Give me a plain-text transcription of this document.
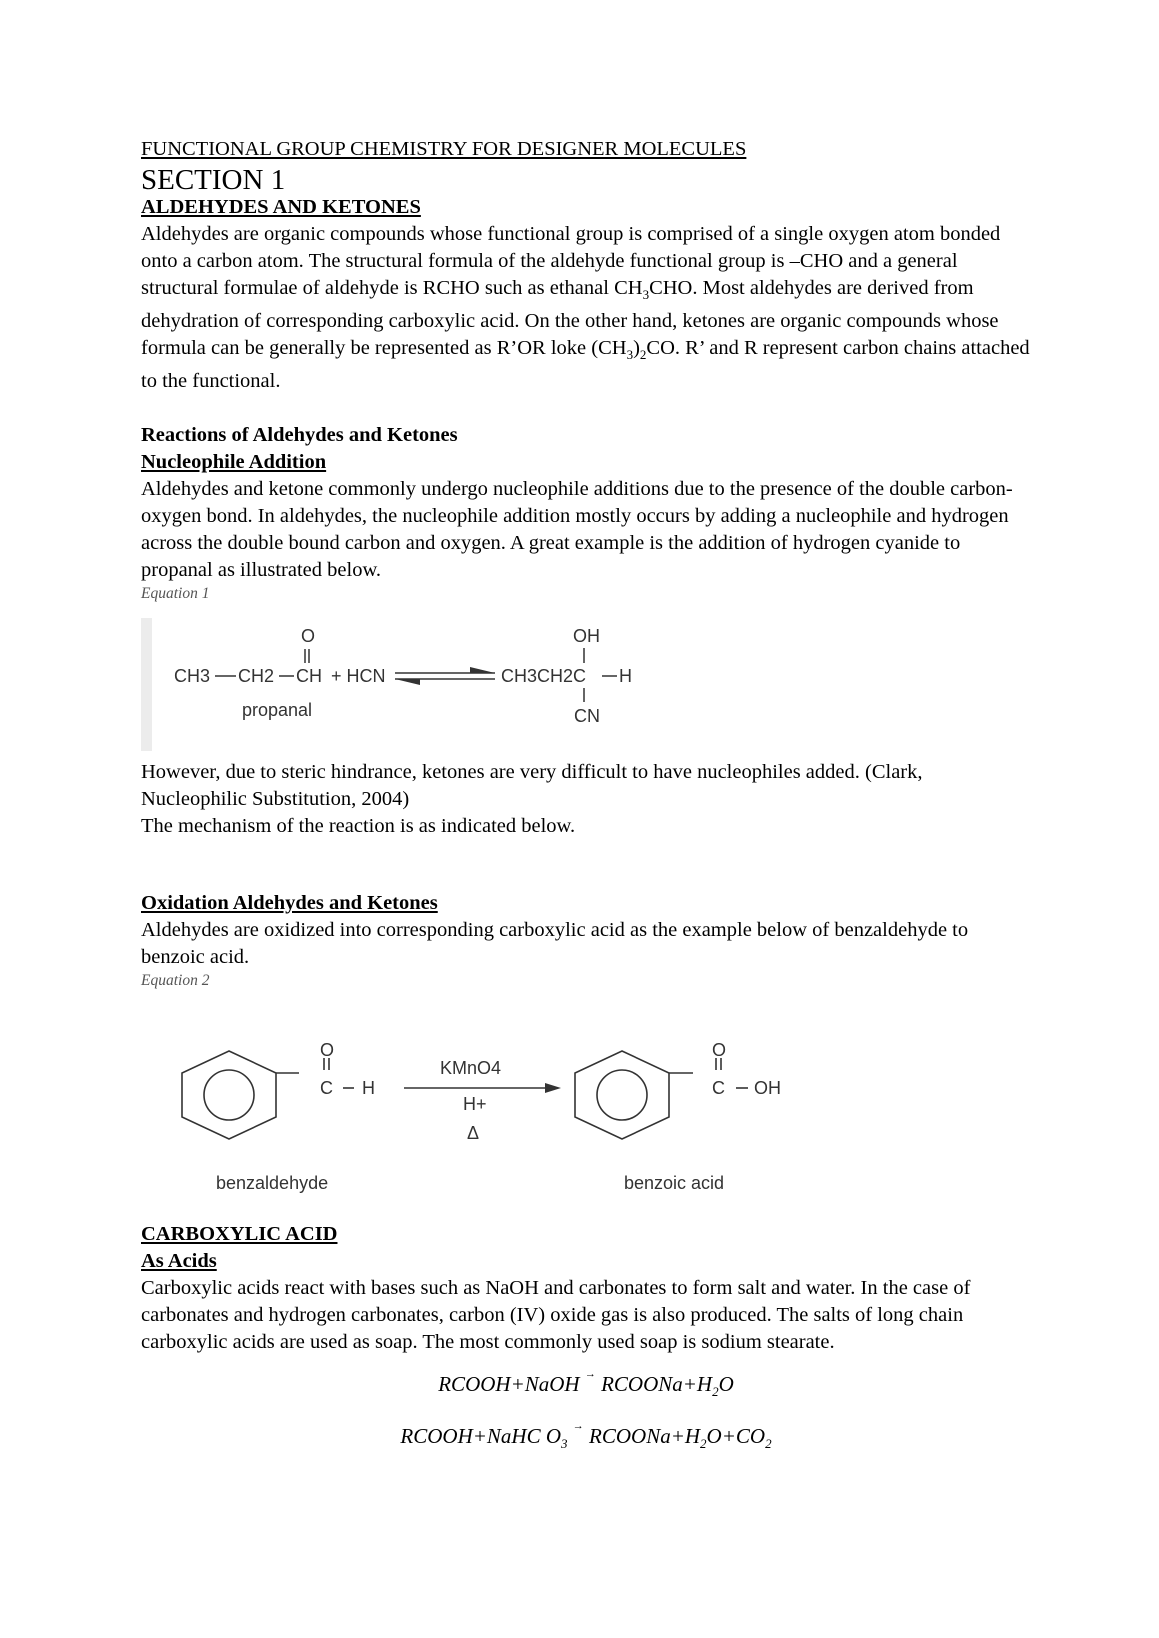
FUNCTIONAL GROUP CHEMISTRY FOR DESIGNER MOLECULES
SECTION 1
ALDEHYDES AND KETONES

Aldehydes are organic compounds whose functional group is comprised of a single oxygen atom bonded onto a carbon atom. The structural formula of the aldehyde functional group is –CHO and a general structural formulae of aldehyde is RCHO such as ethanal $CH_3CHO$. Most aldehydes are derived from dehydration of corresponding carboxylic acid. On the other hand, ketones are organic compounds whose formula can be generally be represented as R’OR loke $(CH_3)_2CO$. R’ and R represent carbon chains attached to the functional.

Reactions of Aldehydes and Ketones
Nucleophile Addition

Aldehydes and ketone commonly undergo nucleophile additions due to the presence of the double carbon-oxygen bond. In aldehydes, the nucleophile addition mostly occurs by adding a nucleophile and hydrogen across the double bound carbon and oxygen. A great example is the addition of hydrogen cyanide to propanal as illustrated below.

Equation 1
O
CH3 CH2 CH + HCN	CH3CH2C H
OH
CN
propanal

However, due to steric hindrance, ketones are very difficult to have nucleophiles added. (Clark, Nucleophilic Substitution, 2004)

The mechanism of the reaction is as indicated below.

Oxidation Aldehydes and Ketones

Aldehydes are oxidized into corresponding carboxylic acid as the example below of benzaldehyde to benzoic acid.

Equation 2
O
C H
KMnO4
H+
Δ
O
C OH
benzaldehyde	benzoic acid
CARBOXYLIC ACID
As Acids

Carboxylic acids react with bases such as NaOH and carbonates to form salt and water. In the case of carbonates and hydrogen carbonates, carbon (IV) oxide gas is also produced. The salts of long chain carboxylic acids are used as soap. The most commonly used soap is sodium stearate.

RCOOH+NaOH → $RCOONa+H_2O$
RCOOH+NaHC $O_3$ → $RCOONa+H_2O+CO_2$
